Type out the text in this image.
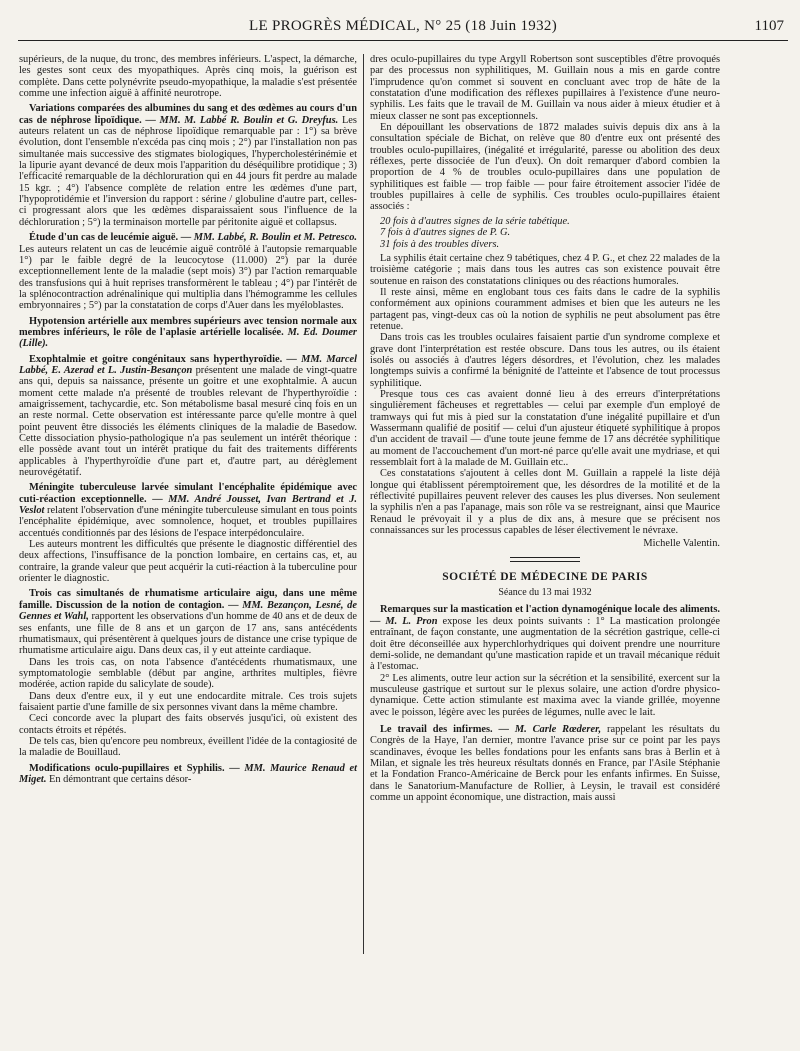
LE PROGRÈS MÉDICAL, N° 25 (18 Juin 1932)	1107

supérieurs, de la nuque, du tronc, des membres inférieurs. L'aspect, la démarche, les gestes sont ceux des myopathiques. Après cinq mois, la guérison est complète. Dans cette polynévrite pseudo-myopathique, la maladie s'est présentée comme une infection aiguë à affinité neurotrope.

Variations comparées des albumines du sang et des œdèmes au cours d'un cas de néphrose lipoïdique. — MM. M. Labbé R. Boulin et G. Dreyfus. Les auteurs relatent un cas de néphrose lipoïdique remarquable par : 1°) sa brève évolution, dont l'ensemble n'excéda pas cinq mois ; 2°) par l'installation non pas simultanée mais successive des stigmates biologiques, l'hypercholestérinémie et la lipurie ayant devancé de deux mois l'apparition du déséquilibre protidique ; 3) l'efficacité remarquable de la déchloruration qui en 44 jours fit perdre au malade 15 kgr. ; 4°) l'absence complète de relation entre les œdèmes d'une part, l'hypoprotidémie et l'inversion du rapport : sérine / globuline d'autre part, celles-ci progressant alors que les œdèmes disparaissaient sous l'influence de la déchloruration ; 5°) la terminaison mortelle par péritonite aiguë et collapsus.

Étude d'un cas de leucémie aiguë. — MM. Labbé, R. Boulin et M. Petresco. Les auteurs relatent un cas de leucémie aiguë contrôlé à l'autopsie remarquable 1°) par le faible degré de la leucocytose (11.000) 2°) par la durée exceptionnellement lente de la maladie (sept mois) 3°) par l'action remarquable des transfusions qui à huit reprises transformèrent le tableau ; 4°) par l'intérêt de la splénocontraction adrénalinique qui multiplia dans l'hémogramme les cellules embryonnaires ; 5°) par la constatation de corps d'Auer dans les myéloblastes.

Hypotension artérielle aux membres supérieurs avec tension normale aux membres inférieurs, le rôle de l'aplasie artérielle localisée. M. Ed. Doumer (Lille).

Exophtalmie et goitre congénitaux sans hyperthyroïdie. — MM. Marcel Labbé, E. Azerad et L. Justin-Besançon présentent une malade de vingt-quatre ans qui, depuis sa naissance, présente un goitre et une exophtalmie. A aucun moment cette malade n'a présenté de troubles relevant de l'hyperthyroïdie : amaigrissement, tachycardie, etc. Son métabolisme basal mesuré cinq fois en un an reste normal. Cette observation est intéressante parce qu'elle montre à quel point peuvent être dissociés les éléments cliniques de la maladie de Basedow. Cette dissociation physio-pathologique n'a pas seulement un intérêt théorique : elle possède avant tout un intérêt pratique du fait des traitements différents applicables à l'hyperthyroïdie d'une part et, d'autre part, au dérèglement neurovégétatif.

Méningite tuberculeuse larvée simulant l'encéphalite épidémique avec cuti-réaction exceptionnelle. — MM. André Jousset, Ivan Bertrand et J. Veslot relatent l'observation d'une méningite tuberculeuse simulant en tous points l'encéphalite épidémique, avec somnolence, hoquet, et troubles pupillaires accentués conditionnés par des lésions de l'espace interpédonculaire.

Les auteurs montrent les difficultés que présente le diagnostic différentiel des deux affections, l'insuffisance de la ponction lombaire, en certains cas, et, au contraire, la grande valeur que peut acquérir la cuti-réaction à la tuberculine pour orienter le diagnostic.

Trois cas simultanés de rhumatisme articulaire aigu, dans une même famille. Discussion de la notion de contagion. — MM. Bezançon, Lesné, de Gennes et Wahl, rapportent les observations d'un homme de 40 ans et de deux de ses enfants, une fille de 8 ans et un garçon de 17 ans, sans antécédents rhumatismaux, qui présentèrent à quelques jours de distance une crise typique de rhumatisme articulaire aigu. Dans deux cas, il y eut atteinte cardiaque.

Dans les trois cas, on nota l'absence d'antécédents rhumatismaux, une symptomatologie semblable (début par angine, arthrites multiples, fièvre modérée, action rapide du salicylate de soude).

Dans deux d'entre eux, il y eut une endocardite mitrale. Ces trois sujets faisaient partie d'une famille de six personnes vivant dans la même chambre.

Ceci concorde avec la plupart des faits observés jusqu'ici, où existent des contacts étroits et répétés.

De tels cas, bien qu'encore peu nombreux, éveillent l'idée de la contagiosité de la maladie de Bouillaud.

Modifications oculo-pupillaires et Syphilis. — MM. Maurice Renaud et Miget. En démontrant que certains désor-

dres oculo-pupillaires du type Argyll Robertson sont susceptibles d'être provoqués par des processus non syphilitiques, M. Guillain nous a mis en garde contre l'imprudence qu'on commet si souvent en concluant avec trop de hâte de la constatation d'une modification des réflexes pupillaires à l'existence d'une neuro-syphilis. Les faits que le travail de M. Guillain va nous aider à mieux étudier et à mieux classer ne sont pas exceptionnels.

En dépouillant les observations de 1872 malades suivis depuis dix ans à la consultation spéciale de Bichat, on relève que 80 d'entre eux ont présenté des troubles oculo-pupillaires, (inégalité et irrégularité, paresse ou abolition des deux réflexes, perte dissociée de l'un d'eux). On doit remarquer d'abord combien la proportion de 4 % de troubles oculo-pupillaires dans une population de syphilitiques est faible — trop faible — pour faire étroitement associer l'idée de troubles pupillaires à celle de syphilis. Ces troubles oculo-pupillaires étaient associés :

20 fois à d'autres signes de la série tabétique.
7 fois à d'autres signes de P. G.
31 fois à des troubles divers.

La syphilis était certaine chez 9 tabétiques, chez 4 P. G., et chez 22 malades de la troisième catégorie ; mais dans tous les autres cas son existence pouvait être soutenue en raison des constatations cliniques ou des réactions humorales.

Il reste ainsi, même en englobant tous ces faits dans le cadre de la syphilis conformément aux opinions couramment admises et bien que les auteurs ne les partagent pas, vingt-deux cas où la notion de syphilis ne peut absolument pas être retenue.

Dans trois cas les troubles oculaires faisaient partie d'un syndrome complexe et grave dont l'interprétation est restée obscure. Dans tous les autres, ou ils étaient isolés ou associés à d'autres légers désordres, et l'évolution, chez les malades longtemps suivis a confirmé la bénignité de l'atteinte et l'absence de tout processus syphilitique.

Presque tous ces cas avaient donné lieu à des erreurs d'interprétations singulièrement fâcheuses et regrettables — celui par exemple d'un employé de tramways qui fut mis à pied sur la constatation d'une inégalité pupillaire et d'un Wassermann qualifié de positif — celui d'un ajusteur étiqueté syphilitique à propos d'un accident de travail — d'une toute jeune femme de 17 ans décrétée syphilitique au moment de l'accouchement d'un mort-né parce qu'elle avait une mydriase, et qui ressemblait fort à la malade de M. Guillain etc..

Ces constatations s'ajoutent à celles dont M. Guillain a rappelé la liste déjà longue qui établissent péremptoirement que, les désordres de la motilité et de la réflectivité pupillaires peuvent relever des causes les plus diverses. Non seulement la syphilis n'en a pas l'apanage, mais son rôle va se restreignant, ainsi que Maurice Renaud le prévoyait il y a plus de dix ans, à mesure que se précisent nos connaissances sur les processus capables de léser électivement le névraxe.

Michelle Valentin.
SOCIÉTÉ DE MÉDECINE DE PARIS
Séance du 13 mai 1932

Remarques sur la mastication et l'action dynamogénique locale des aliments. — M. L. Pron expose les deux points suivants : 1° La mastication prolongée entraînant, de façon constante, une augmentation de la sécrétion gastrique, celle-ci doit être déconseillée aux hyperchlorhydriques qui doivent prendre une nourriture demi-solide, ne demandant qu'une mastication rapide et un travail mécanique réduit à l'estomac.

2° Les aliments, outre leur action sur la sécrétion et la sensibilité, exercent sur la musculeuse gastrique et surtout sur le plexus solaire, une action d'ordre physico-dynamique. Cette action stimulante est maxima avec la viande grillée, moyenne avec le poisson, légère avec les purées de légumes, nulle avec le lait.

Le travail des infirmes. — M. Carle Rœderer, rappelant les résultats du Congrès de la Haye, l'an dernier, montre l'avance prise sur ce point par les pays scandinaves, évoque les belles fondations pour les enfants sans bras à Berlin et à Milan, et signale les très heureux résultats donnés en France, par l'Asile Stéphanie et la Fondation Franco-Américaine de Berck pour les enfants infirmes. En Suisse, dans le Sanatorium-Manufacture de Rollier, à Leysin, le travail est considéré comme un appoint économique, une distraction, mais aussi
